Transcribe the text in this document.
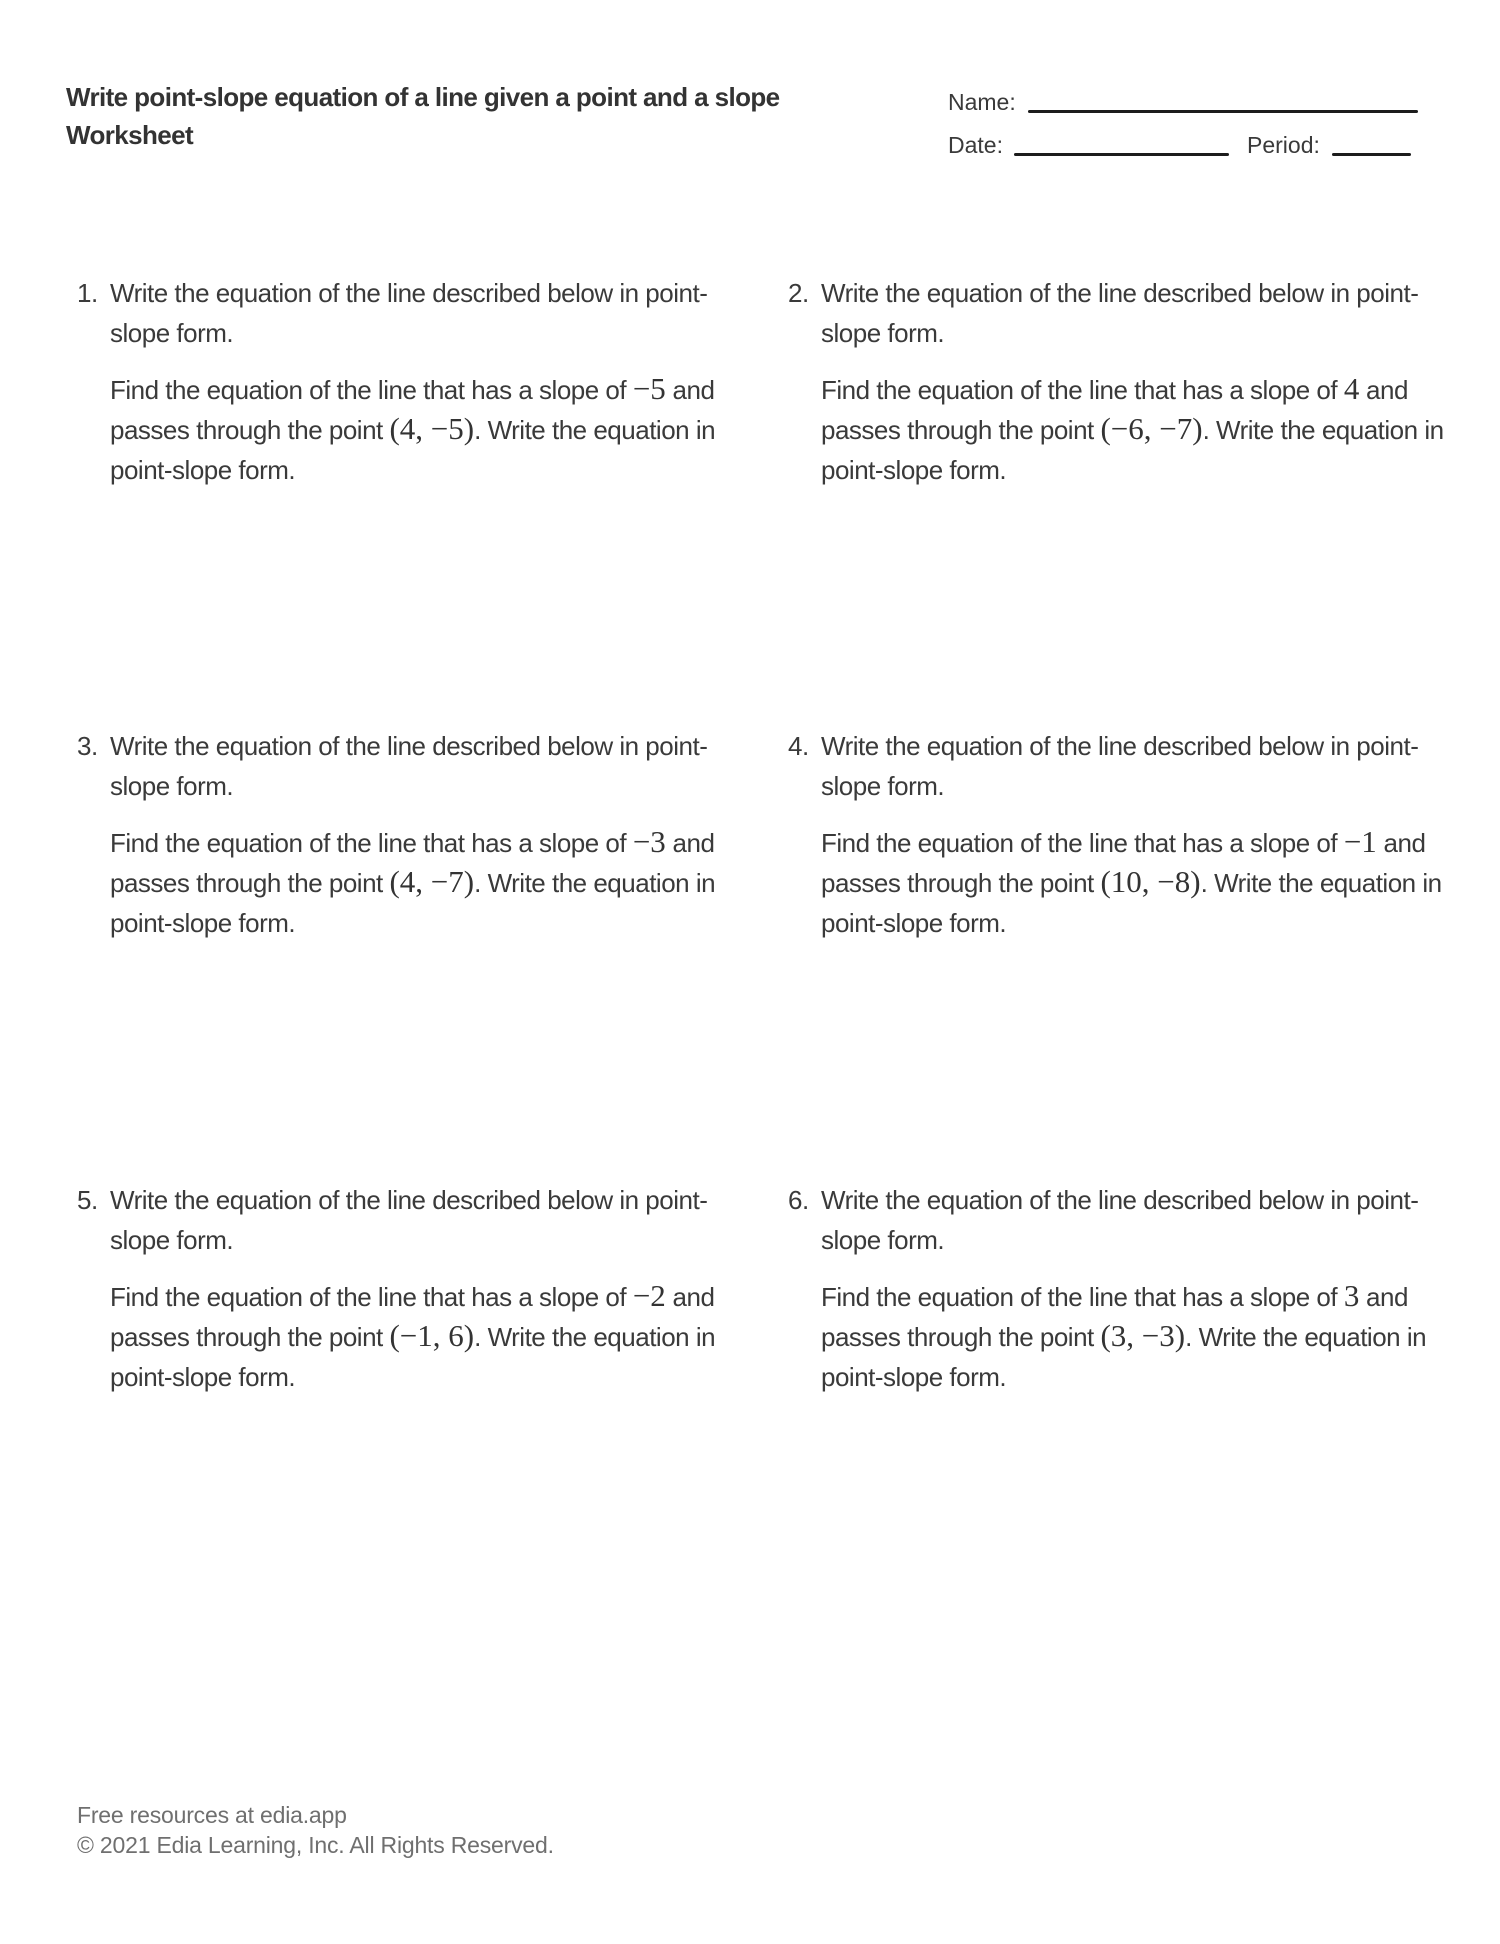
Write point-slope equation of a line given a point and a slope
Worksheet
Name:
Date:	Period:
1. Write the equation of the line described below in point-slope form.

Find the equation of the line that has a slope of −5 and passes through the point (4, −5). Write the equation in point-slope form.

2. Write the equation of the line described below in point-slope form.

Find the equation of the line that has a slope of 4 and passes through the point (−6, −7). Write the equation in point-slope form.

3. Write the equation of the line described below in point-slope form.

Find the equation of the line that has a slope of −3 and passes through the point (4, −7). Write the equation in point-slope form.

4. Write the equation of the line described below in point-slope form.

Find the equation of the line that has a slope of −1 and passes through the point (10, −8). Write the equation in point-slope form.

5. Write the equation of the line described below in point-slope form.

Find the equation of the line that has a slope of −2 and passes through the point (−1, 6). Write the equation in point-slope form.

6. Write the equation of the line described below in point-slope form.

Find the equation of the line that has a slope of 3 and passes through the point (3, −3). Write the equation in point-slope form.

Free resources at edia.app
© 2021 Edia Learning, Inc. All Rights Reserved.
